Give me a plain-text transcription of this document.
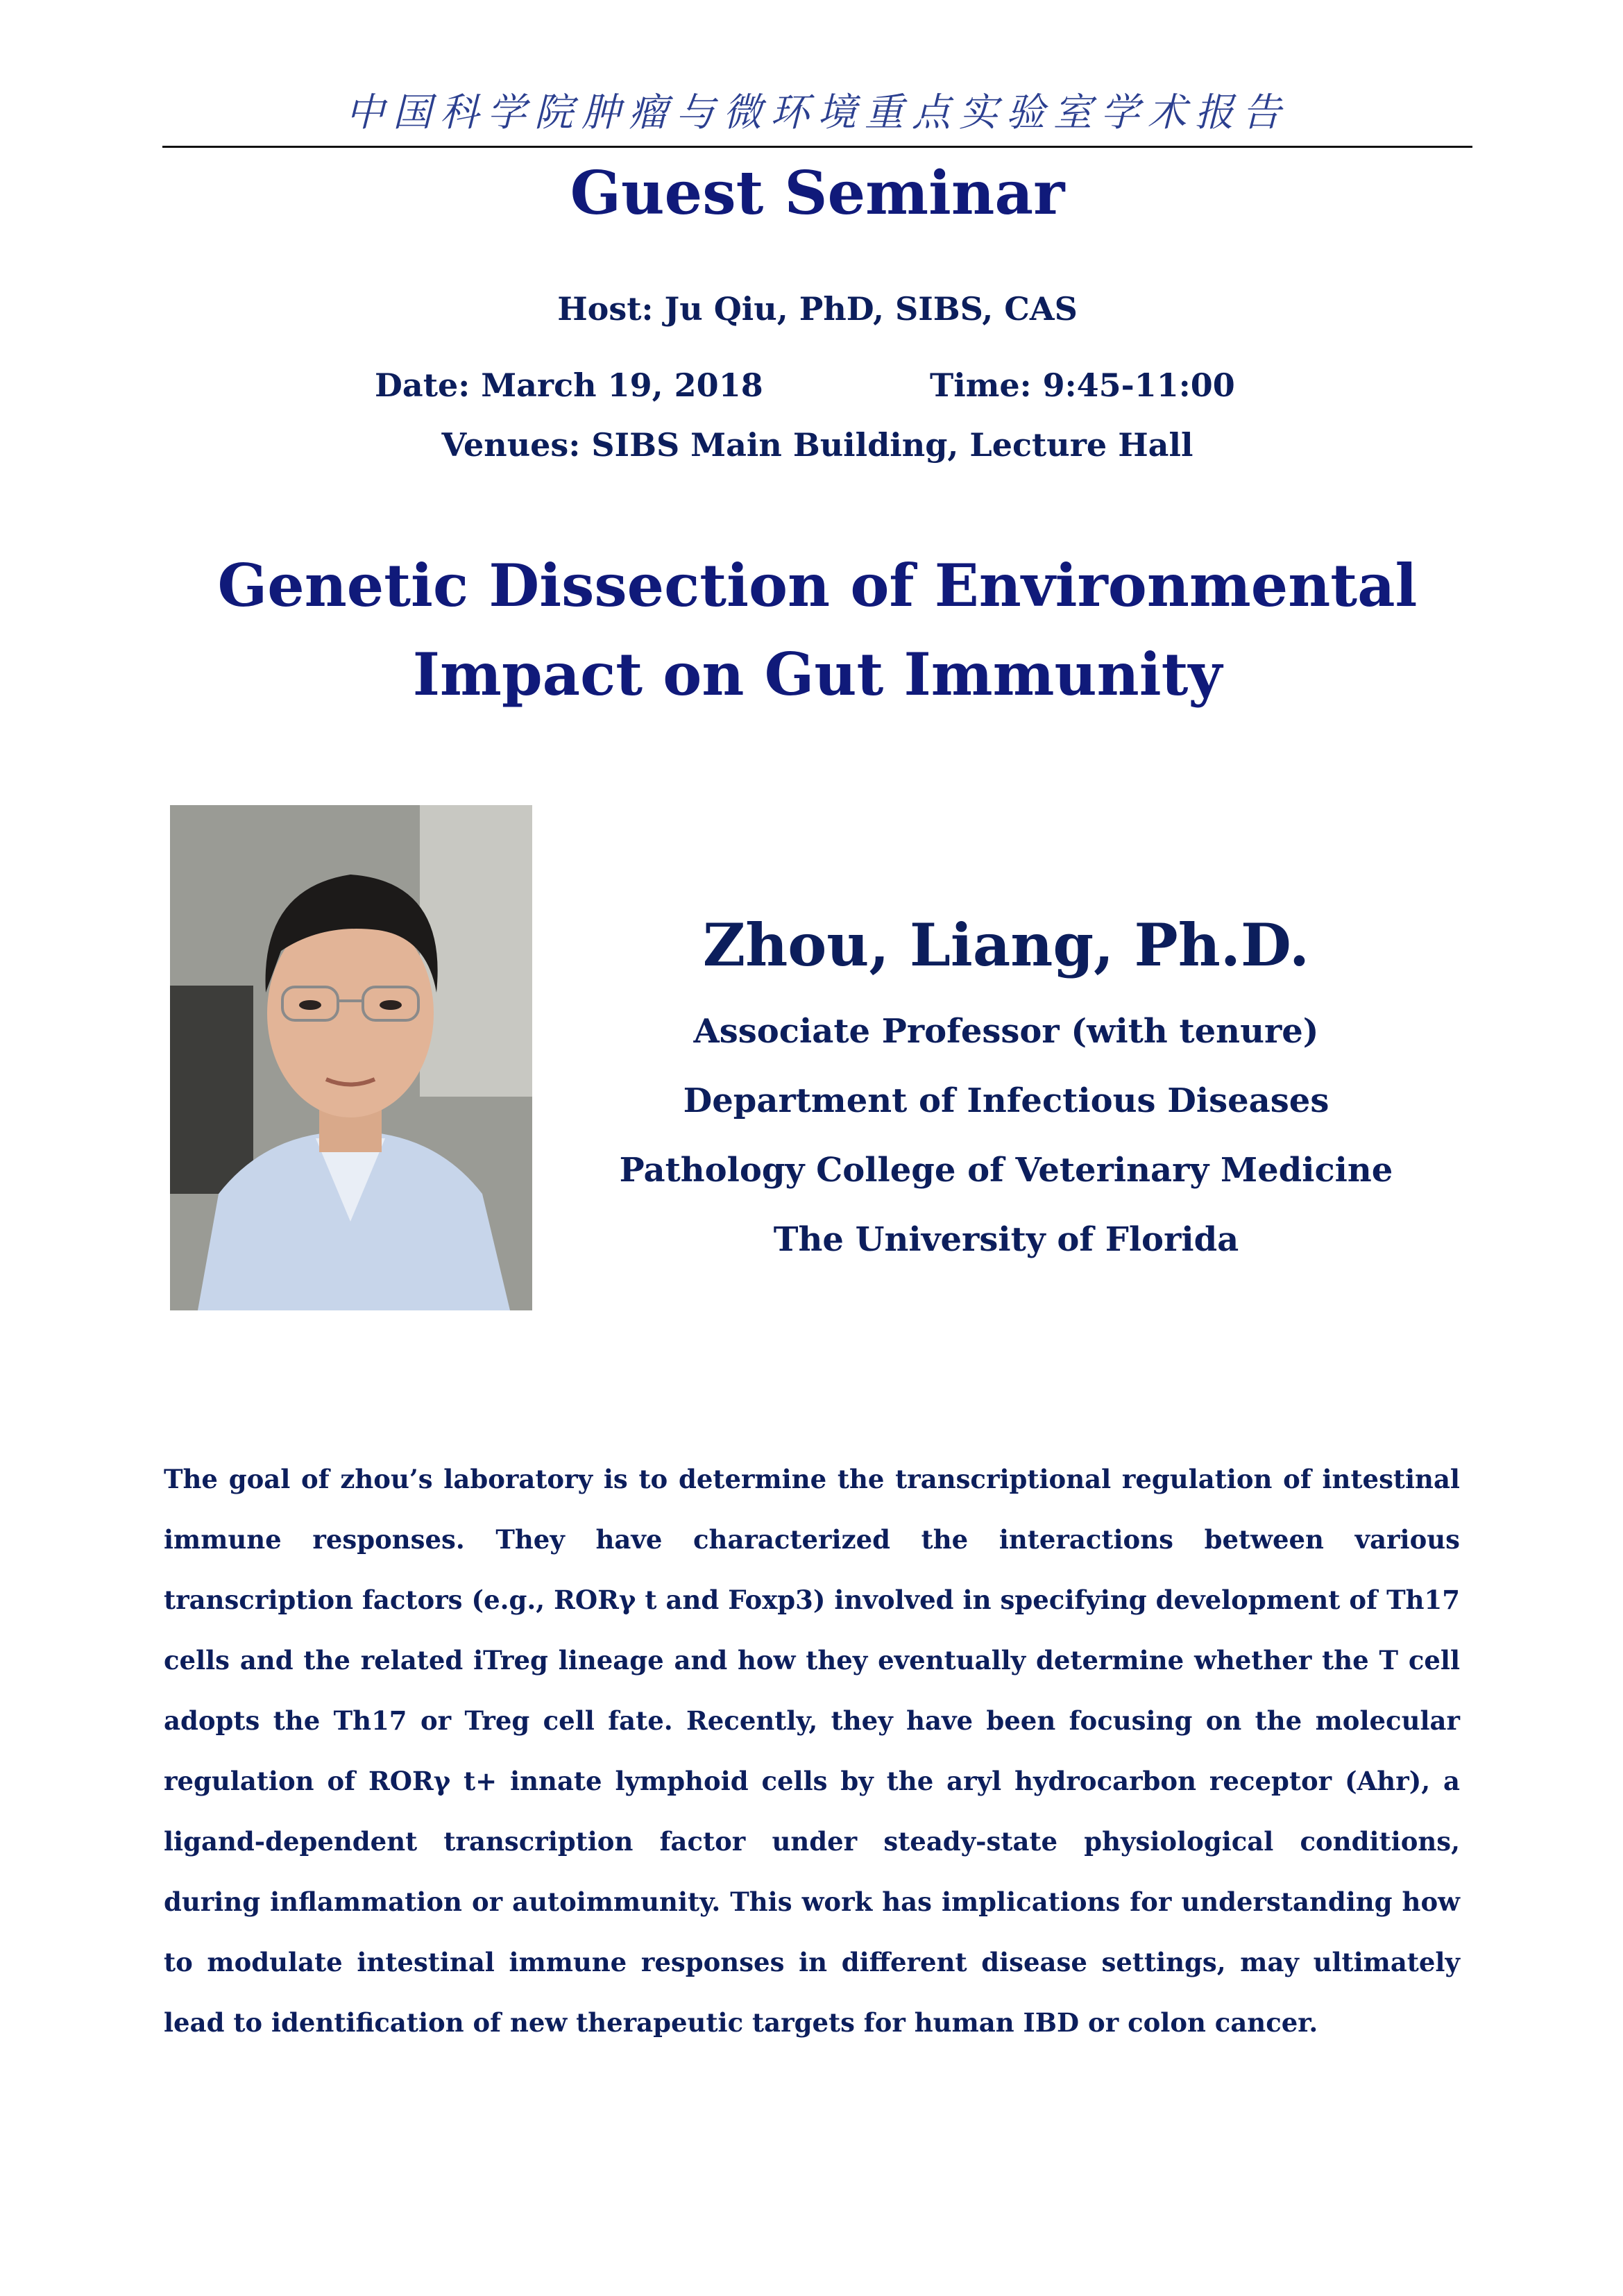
中国科学院肿瘤与微环境重点实验室学术报告
Guest Seminar
Host: Ju Qiu, PhD, SIBS, CAS
Date: March 19, 2018	Time: 9:45-11:00
Venues: SIBS Main Building, Lecture Hall
Genetic Dissection of Environmental
Impact on Gut Immunity
Zhou, Liang, Ph.D.
Associate Professor (with tenure)
Department of Infectious Diseases
Pathology College of Veterinary Medicine
The University of Florida
The goal of zhou’s laboratory is to determine the transcriptional regulation of intestinal immune responses. They have characterized the interactions between various transcription factors (e.g., RORγ t and Foxp3) involved in specifying development of Th17 cells and the related iTreg lineage and how they eventually determine whether the T cell adopts the Th17 or Treg cell fate. Recently, they have been focusing on the molecular regulation of RORγ t+ innate lymphoid cells by the aryl hydrocarbon receptor (Ahr), a ligand-dependent transcription factor under steady-state physiological conditions, during inflammation or autoimmunity. This work has implications for understanding how to modulate intestinal immune responses in different disease settings, may ultimately lead to identification of new therapeutic targets for human IBD or colon cancer.
